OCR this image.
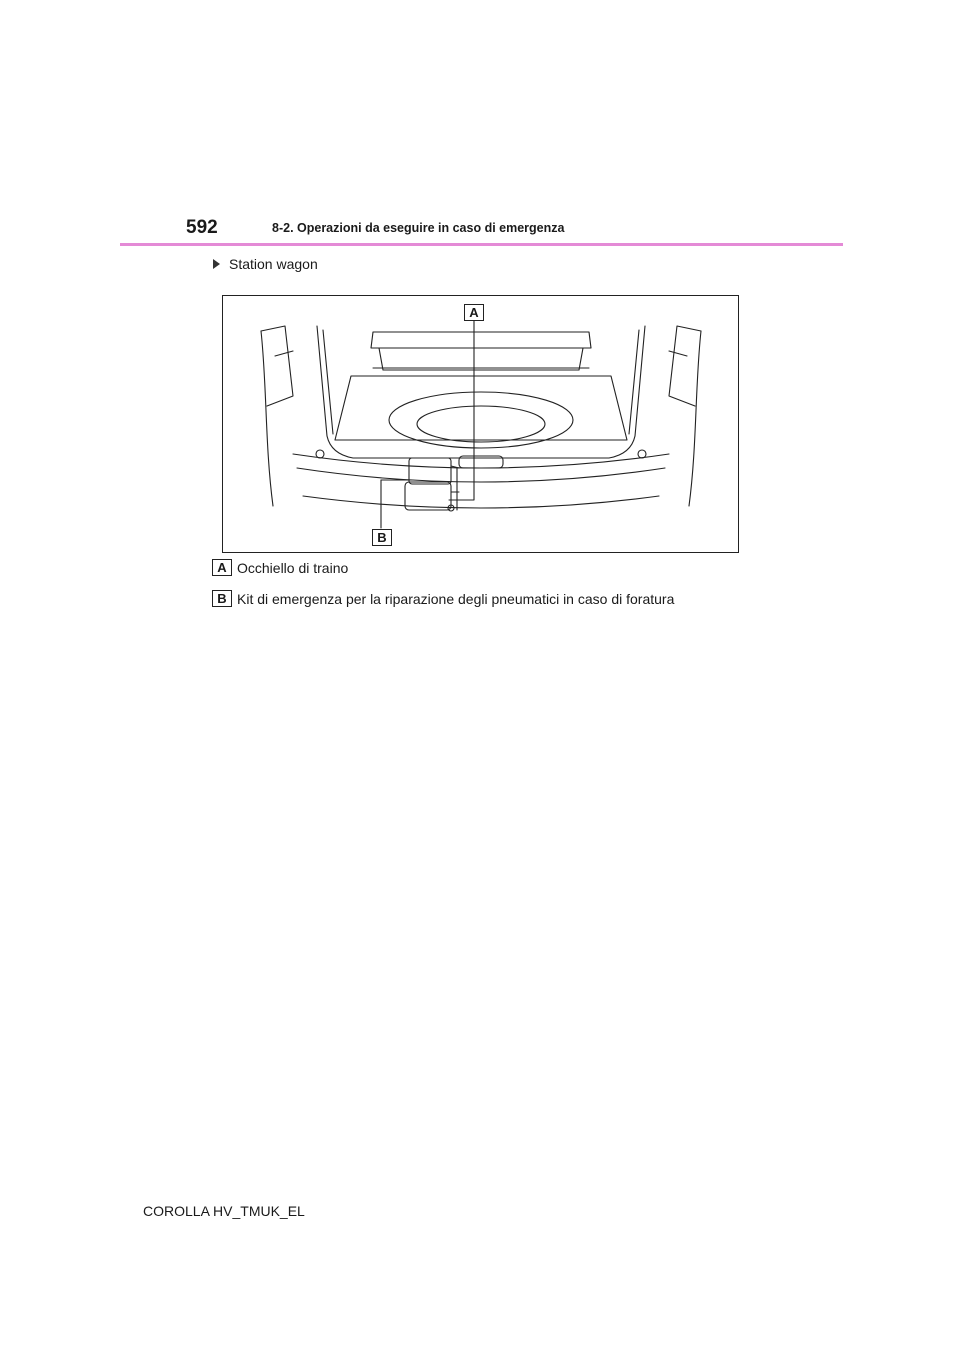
592	8-2. Operazioni da eseguire in caso di emergenza
Station wagon
A
B
A Occhiello di traino
B Kit di emergenza per la riparazione degli pneumatici in caso di foratura
COROLLA HV_TMUK_EL
